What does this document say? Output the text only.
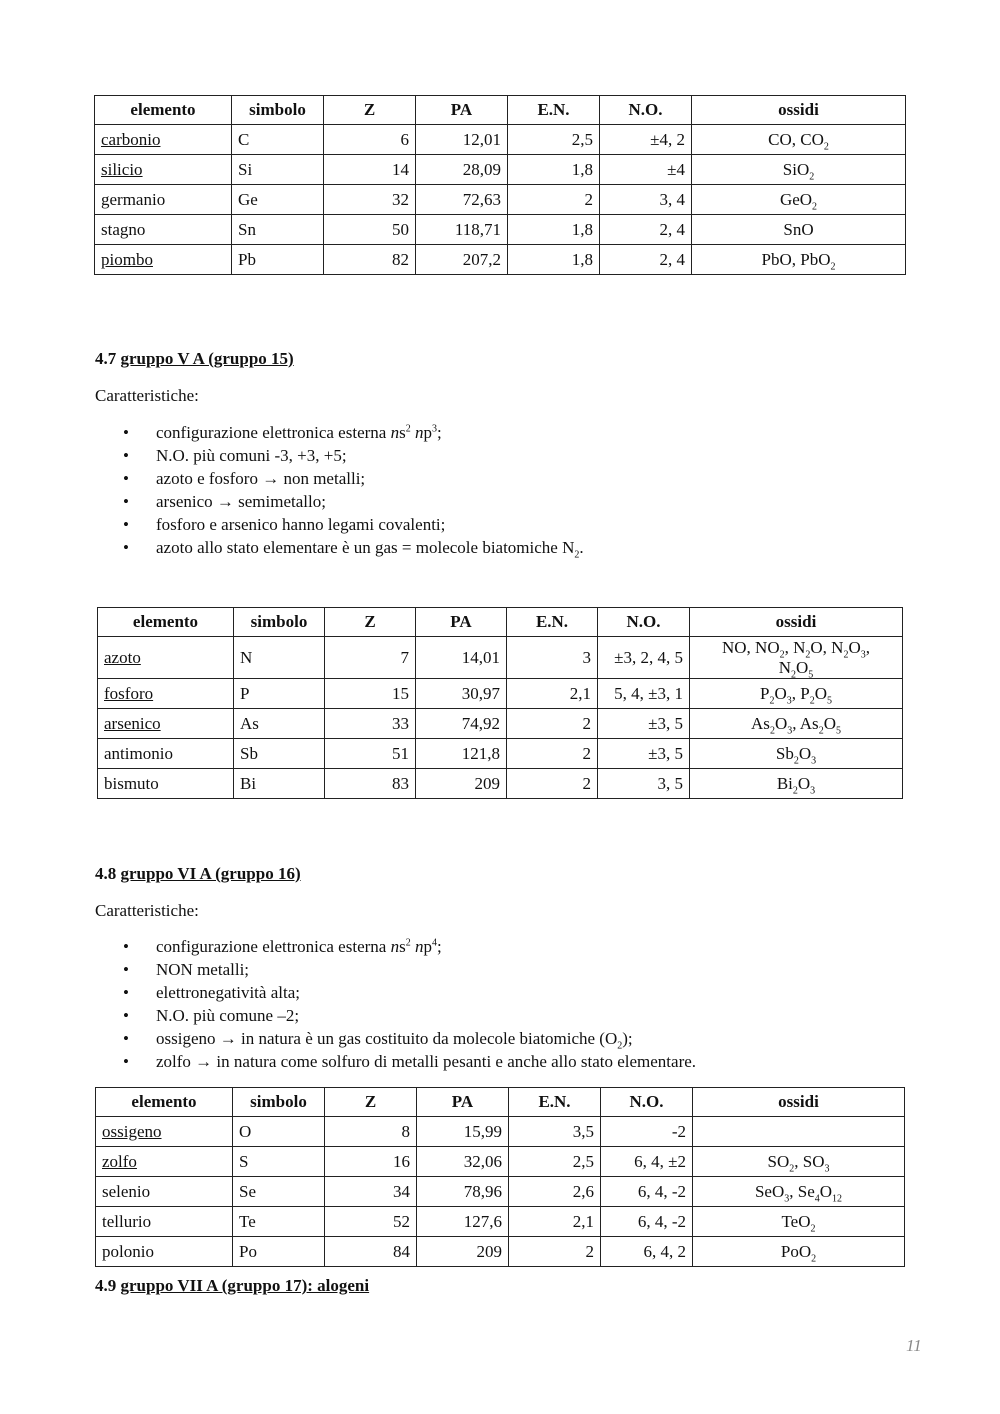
elemento	simbolo	Z	PA	E.N.	N.O.	ossidi
carbonio	C	6	12,01	2,5	±4, 2	CO, $CO_2$
silicio	Si	14	28,09	1,8	±4	SiO$_2$
germanio	Ge	32	72,63	2	3, 4	GeO$_2$
stagno	Sn	50	118,71	1,8	2, 4	SnO
piombo	Pb	82	207,2	1,8	2, 4	PbO, PbO$_2$

4.7 gruppo V A (gruppo 15)

Caratteristiche:

• configurazione elettronica esterna $ns^2$ $np^3$;
• N.O. più comuni -3, +3, +5;
• azoto e fosforo → non metalli;
• arsenico → semimetallo;
• fosforo e arsenico hanno legami covalenti;
• azoto allo stato elementare è un gas = molecole biatomiche $N_2$.
elemento	simbolo	Z	PA	E.N.	N.O.	ossidi
azoto	N	7	14,01	3	±3, 2, 4, 5	NO, $NO_2$, $N_2O$, $N_2O_3$,
$N_2O_5$
fosforo	P	15	30,97	2,1	5, 4, ±3, 1	$P_2O_3$, $P_2O_5$
arsenico	As	33	74,92	2	±3, 5	$As_2O_3$, $As_2O_5$
antimonio	Sb	51	121,8	2	±3, 5	$Sb_2O_3$
bismuto	Bi	83	209	2	3, 5	$Bi_2O_3$

4.8 gruppo VI A (gruppo 16)

Caratteristiche:

• configurazione elettronica esterna $ns^2$ $np^4$;
• NON metalli;
• elettronegatività alta;
• N.O. più comune –2;
• ossigeno → in natura è un gas costituito da molecole biatomiche $(O_2)$;
• zolfo → in natura come solfuro di metalli pesanti e anche allo stato elementare.
elemento	simbolo	Z	PA	E.N.	N.O.	ossidi
ossigeno	O	8	15,99	3,5	-2	
zolfo	S	16	32,06	2,5	6, 4, ±2	$SO_2$, $SO_3$
selenio	Se	34	78,96	2,6	6, 4, -2	SeO$_3$, $Se_4O_{12}$
tellurio	Te	52	127,6	2,1	6, 4, -2	TeO$_2$
polonio	Po	84	209	2	6, 4, 2	PoO$_2$

4.9 gruppo VII A (gruppo 17): alogeni

11
